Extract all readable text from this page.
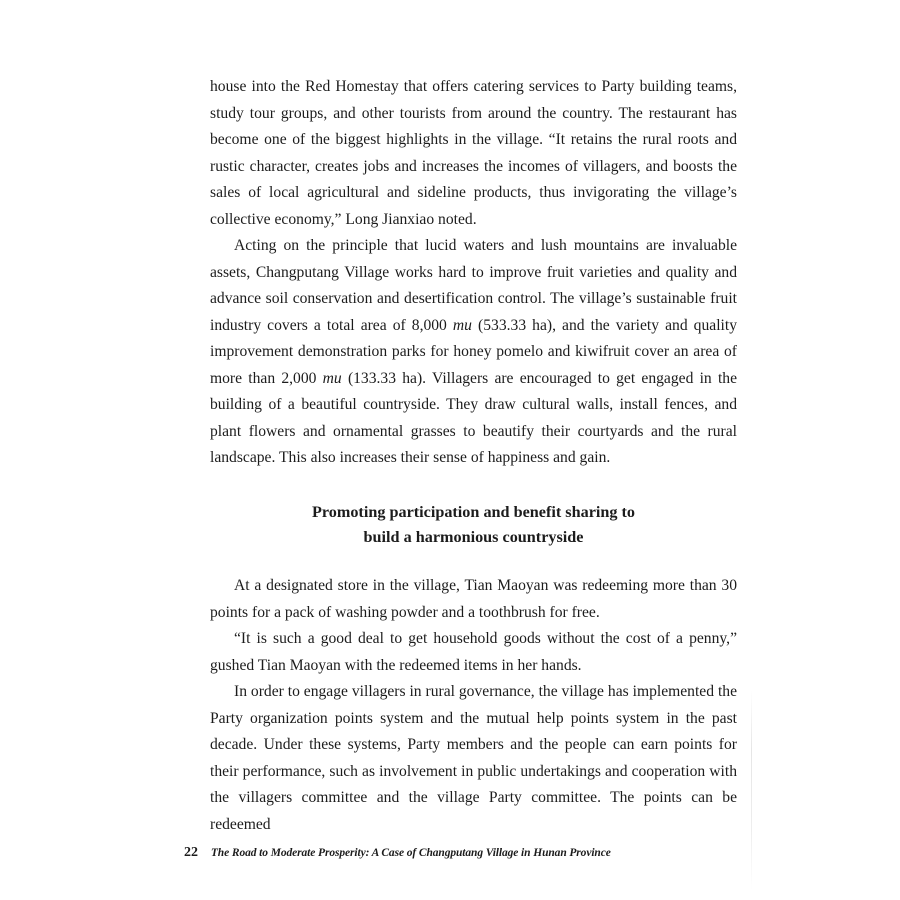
house into the Red Homestay that offers catering services to Party building teams, study tour groups, and other tourists from around the country. The restaurant has become one of the biggest highlights in the village. “It retains the rural roots and rustic character, creates jobs and increases the incomes of villagers, and boosts the sales of local agricultural and sideline products, thus invigorating the village’s collective economy,” Long Jianxiao noted.

Acting on the principle that lucid waters and lush mountains are invaluable assets, Changputang Village works hard to improve fruit varieties and quality and advance soil conservation and desertification control. The village’s sustainable fruit industry covers a total area of 8,000 mu (533.33 ha), and the variety and quality improvement demonstration parks for honey pomelo and kiwifruit cover an area of more than 2,000 mu (133.33 ha). Villagers are encouraged to get engaged in the building of a beautiful countryside. They draw cultural walls, install fences, and plant flowers and ornamental grasses to beautify their courtyards and the rural landscape. This also increases their sense of happiness and gain.

Promoting participation and benefit sharing to
build a harmonious countryside

At a designated store in the village, Tian Maoyan was redeeming more than 30 points for a pack of washing powder and a toothbrush for free.

“It is such a good deal to get household goods without the cost of a penny,” gushed Tian Maoyan with the redeemed items in her hands.

In order to engage villagers in rural governance, the village has implemented the Party organization points system and the mutual help points system in the past decade. Under these systems, Party members and the people can earn points for their performance, such as involvement in public undertakings and cooperation with the villagers committee and the village Party committee. The points can be redeemed

22 The Road to Moderate Prosperity: A Case of Changputang Village in Hunan Province
